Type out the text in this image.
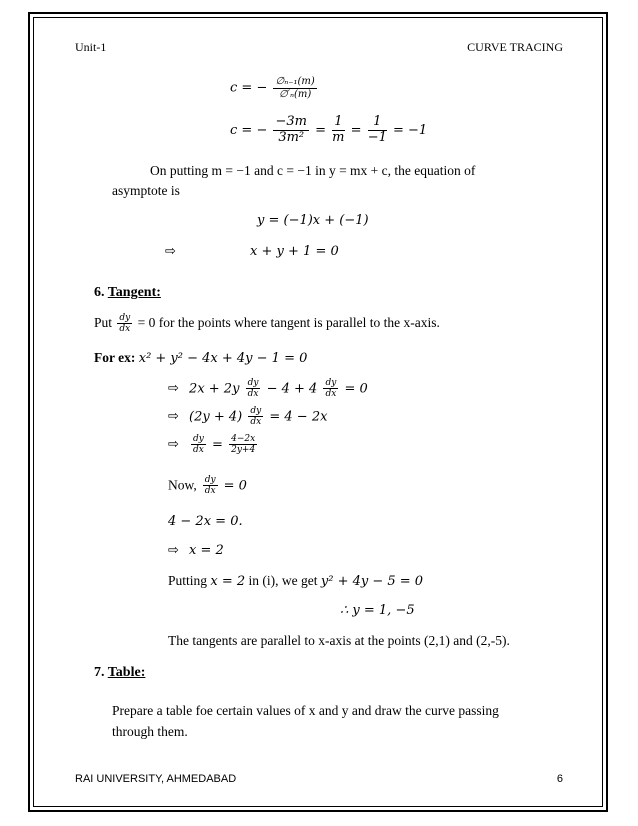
Unit-1	CURVE TRACING
c = − $\frac{\text{∅ₙ₋₁(m)}}{\text{∅′ₙ(m)}}$
c = − $\frac{-3m}{\text{3m²}} = \frac{1}{m} = \frac{1}{-1} = -1$
On putting m = −1 and c = −1 in y = mx + c, the equation of
asymptote is
y = (−1)x + (−1)
⇨	x + y + 1 = 0
6. Tangent:
Put $\frac{dy}{dx} = 0$ for the points where tangent is parallel to the x-axis.
For ex: x² + y² − 4x + 4y − 1 = 0
⇨ $2x + 2y \frac{dy}{dx} - 4 + 4 \frac{dy}{dx} = 0$
⇨ $(2y + 4) \frac{dy}{dx} = 4 - 2x$
⇨ $\frac{dy}{dx} = \frac{4-2x}{2y+4}$
Now, $\frac{dy}{dx} = 0$
4 − 2x = 0.
⇨ x = 2
Putting x = 2 in (i), we get y² + 4y − 5 = 0
∴ y = 1, −5
The tangents are parallel to x-axis at the points (2,1) and (2,-5).
7. Table:
Prepare a table foe certain values of x and y and draw the curve passing
through them.
RAI UNIVERSITY, AHMEDABAD	6
